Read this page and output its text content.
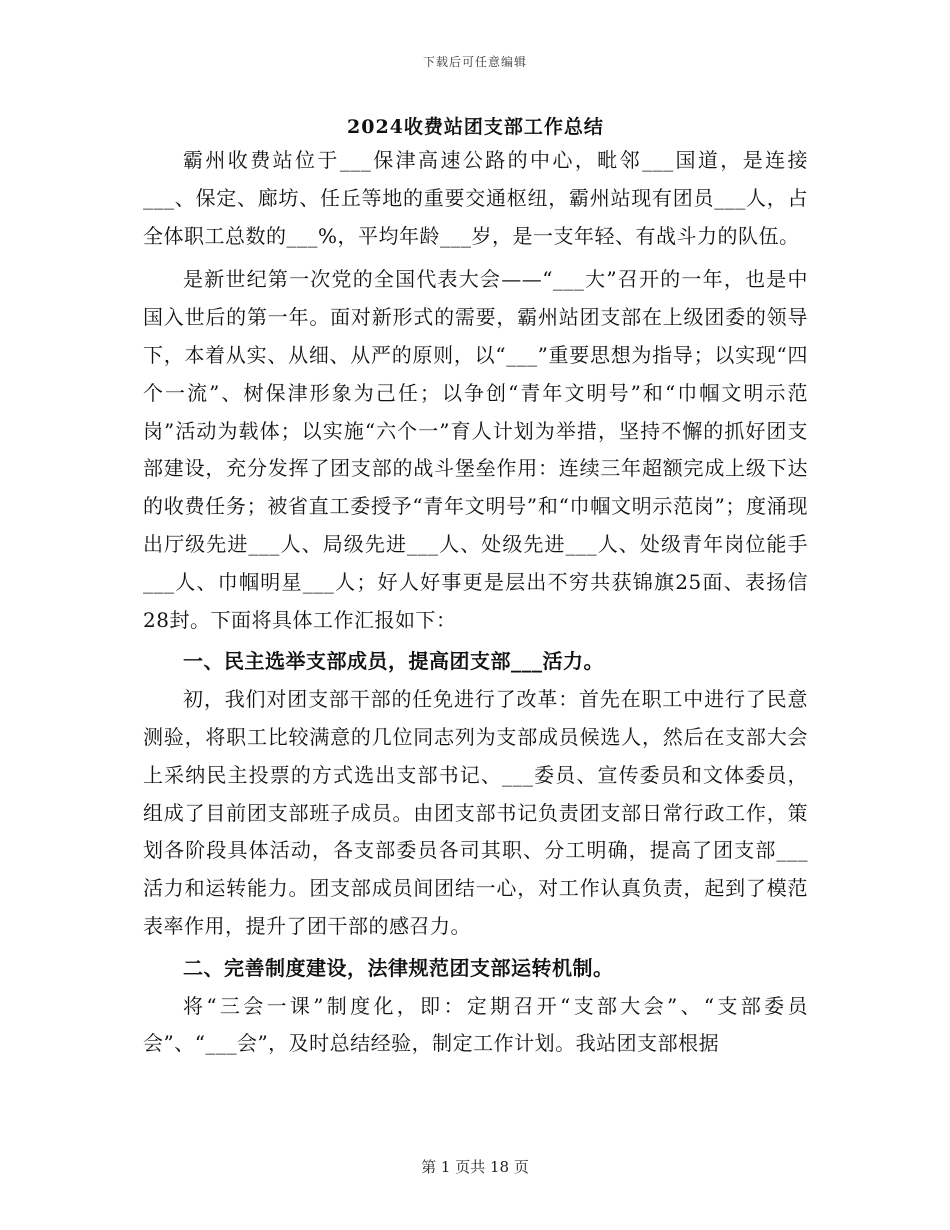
下载后可任意编辑
2024收费站团支部工作总结

霸州收费站位于___保津高速公路的中心，毗邻___国道，是连接___、保定、廊坊、任丘等地的重要交通枢纽，霸州站现有团员___人，占全体职工总数的___%，平均年龄___岁，是一支年轻、有战斗力的队伍。

是新世纪第一次党的全国代表大会——“___大”召开的一年，也是中国入世后的第一年。面对新形式的需要，霸州站团支部在上级团委的领导下，本着从实、从细、从严的原则，以“___”重要思想为指导；以实现“四个一流”、树保津形象为己任；以争创“青年文明号”和“巾帼文明示范岗”活动为载体；以实施“六个一”育人计划为举措，坚持不懈的抓好团支部建设，充分发挥了团支部的战斗堡垒作用：连续三年超额完成上级下达的收费任务；被省直工委授予“青年文明号”和“巾帼文明示范岗”；度涌现出厅级先进___人、局级先进___人、处级先进___人、处级青年岗位能手___人、巾帼明星___人；好人好事更是层出不穷共获锦旗25面、表扬信28封。下面将具体工作汇报如下：

一、民主选举支部成员，提高团支部___活力。

初，我们对团支部干部的任免进行了改革：首先在职工中进行了民意测验，将职工比较满意的几位同志列为支部成员候选人，然后在支部大会上采纳民主投票的方式选出支部书记、___委员、宣传委员和文体委员，组成了目前团支部班子成员。由团支部书记负责团支部日常行政工作，策划各阶段具体活动，各支部委员各司其职、分工明确，提高了团支部___活力和运转能力。团支部成员间团结一心，对工作认真负责，起到了模范表率作用，提升了团干部的感召力。

二、完善制度建设，法律规范团支部运转机制。

将“三会一课”制度化，即：定期召开“支部大会”、“支部委员会”、“___会”，及时总结经验，制定工作计划。我站团支部根据

第 1 页共 18 页
